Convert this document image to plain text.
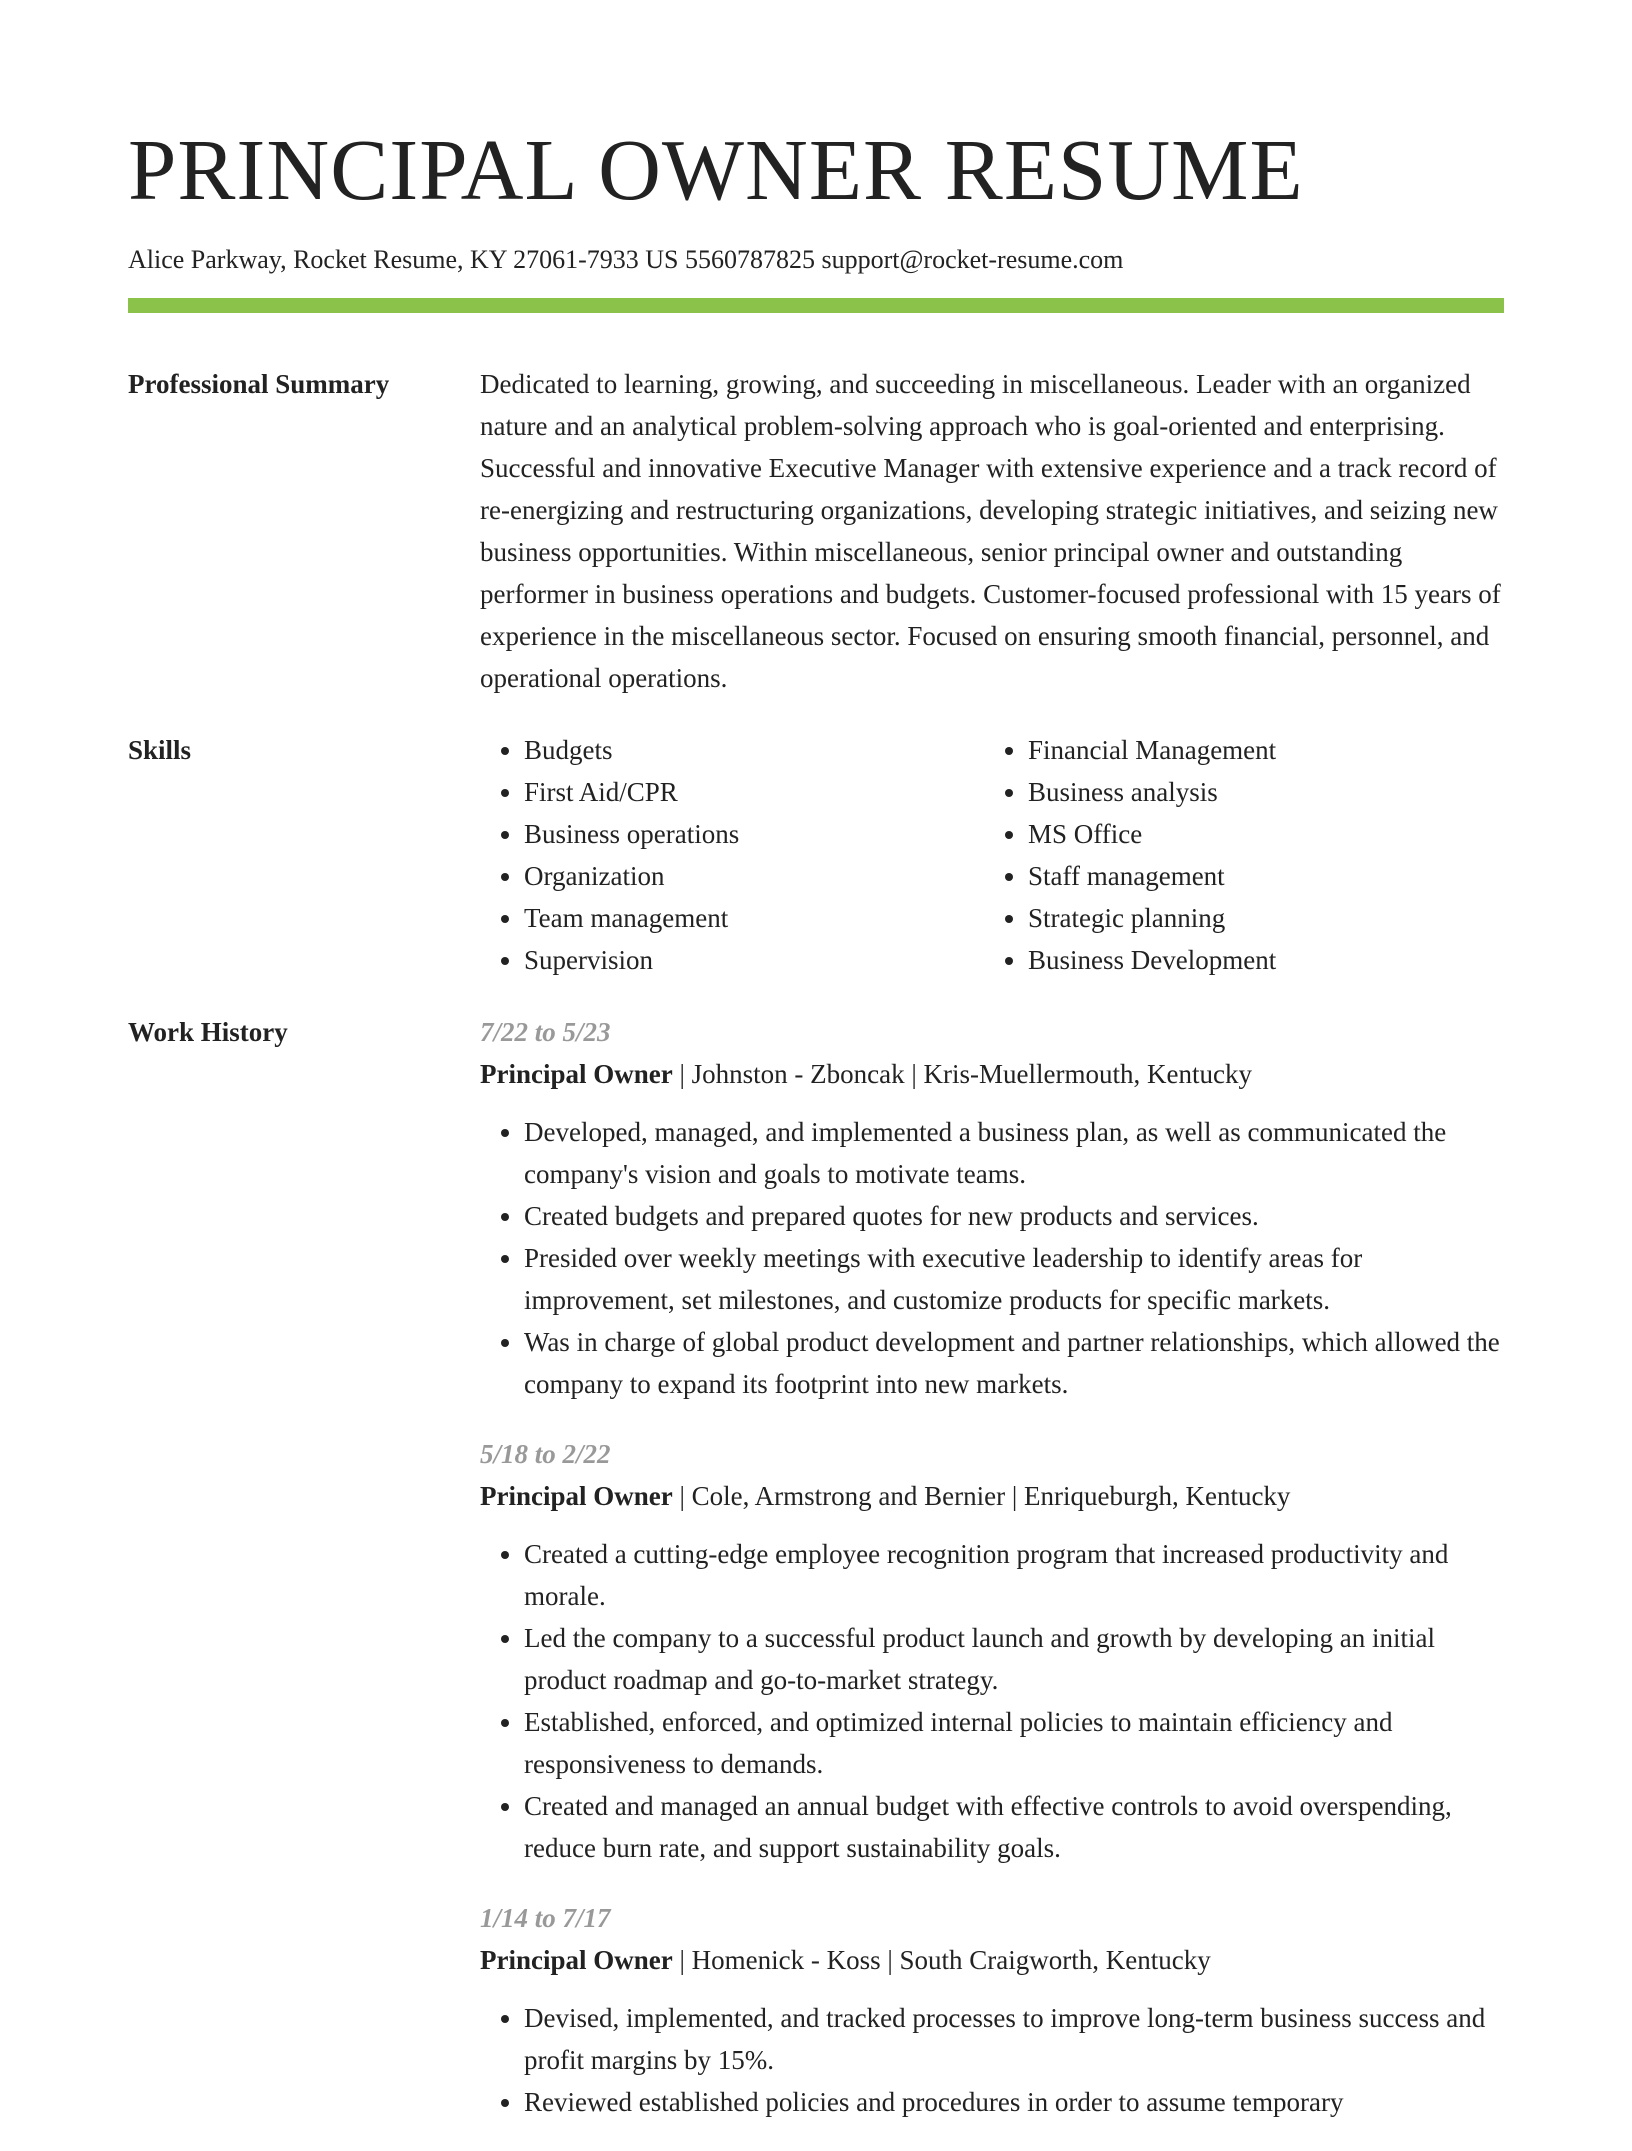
PRINCIPAL OWNER RESUME
Alice Parkway, Rocket Resume, KY 27061-7933 US 5560787825 support@rocket-resume.com
Professional Summary	Dedicated to learning, growing, and succeeding in miscellaneous. Leader with an organized nature and an analytical problem-solving approach who is goal-oriented and enterprising. Successful and innovative Executive Manager with extensive experience and a track record of re-energizing and restructuring organizations, developing strategic initiatives, and seizing new business opportunities. Within miscellaneous, senior principal owner and outstanding performer in business operations and budgets. Customer-focused professional with 15 years of experience in the miscellaneous sector. Focused on ensuring smooth financial, personnel, and operational operations.

Skills
•	Budgets
• First Aid/CPR
• Business operations
• Organization
• Team management
• Supervision
• Financial Management
• Business analysis
• MS Office
• Staff management
• Strategic planning
• Business Development
Work History	7/22 to 5/23
Principal Owner | Johnston - Zboncak | Kris-Muellermouth, Kentucky
• Developed, managed, and implemented a business plan, as well as communicated the company's vision and goals to motivate teams.
• Created budgets and prepared quotes for new products and services.
• Presided over weekly meetings with executive leadership to identify areas for improvement, set milestones, and customize products for specific markets.
• Was in charge of global product development and partner relationships, which allowed the company to expand its footprint into new markets.
5/18 to 2/22
Principal Owner | Cole, Armstrong and Bernier | Enriqueburgh, Kentucky
• Created a cutting-edge employee recognition program that increased productivity and morale.
• Led the company to a successful product launch and growth by developing an initial product roadmap and go-to-market strategy.
• Established, enforced, and optimized internal policies to maintain efficiency and responsiveness to demands.
• Created and managed an annual budget with effective controls to avoid overspending, reduce burn rate, and support sustainability goals.
1/14 to 7/17
Principal Owner | Homenick - Koss | South Craigworth, Kentucky
• Devised, implemented, and tracked processes to improve long-term business success and profit margins by 15%.
• Reviewed established policies and procedures in order to assume temporary
